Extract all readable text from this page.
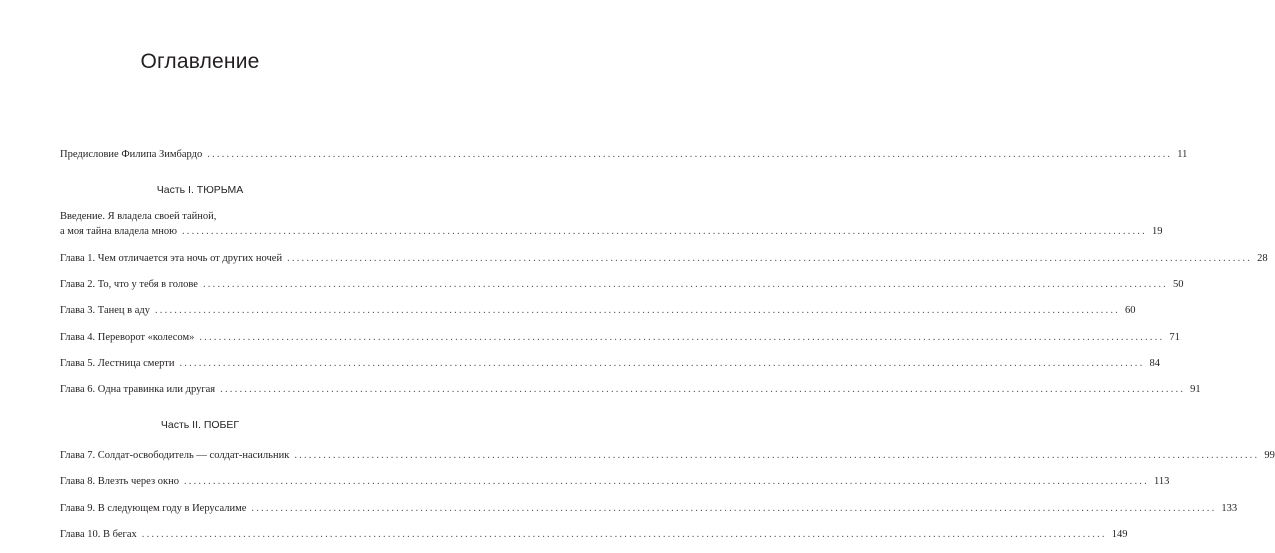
Оглавление
Предисловие Филипа Зимбардо ........................................................................................................................................................................................................ 11
Часть I. ТЮРЬМА
Введение. Я владела своей тайной,
а моя тайна владела мною ........................................................................................................................................................................................................ 19
Глава 1. Чем отличается эта ночь от других ночей ........................................................................................................................................................................................................ 28
Глава 2. То, что у тебя в голове ........................................................................................................................................................................................................ 50
Глава 3. Танец в аду ........................................................................................................................................................................................................ 60
Глава 4. Переворот «колесом» ........................................................................................................................................................................................................ 71
Глава 5. Лестница смерти ........................................................................................................................................................................................................ 84
Глава 6. Одна травинка или другая ........................................................................................................................................................................................................ 91
Часть II. ПОБЕГ
Глава 7. Солдат-освободитель — солдат-насильник ........................................................................................................................................................................................................ 99
Глава 8. Влезть через окно ........................................................................................................................................................................................................ 113
Глава 9. В следующем году в Иерусалиме ........................................................................................................................................................................................................ 133
Глава 10. В бегах ........................................................................................................................................................................................................ 149
